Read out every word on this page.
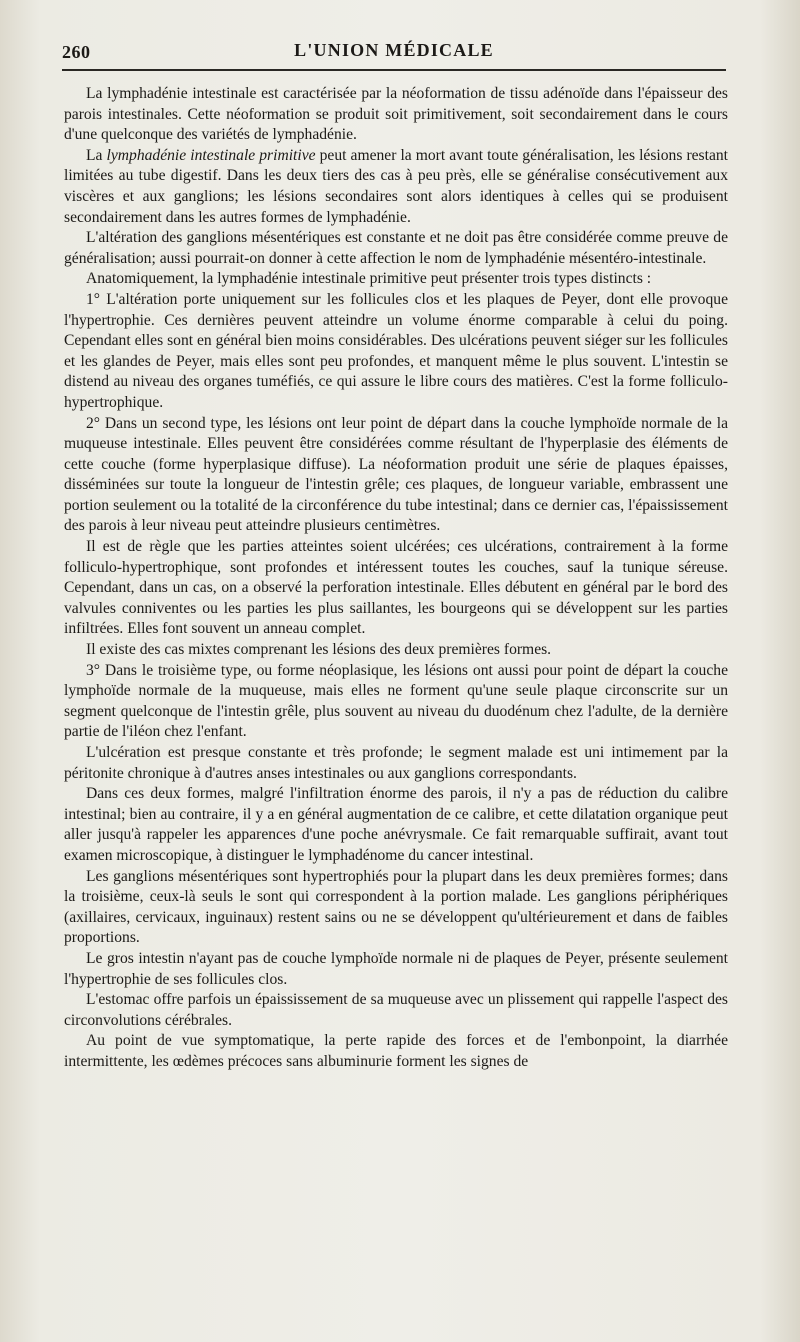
260	L'UNION MÉDICALE

La lymphadénie intestinale est caractérisée par la néoformation de tissu adénoïde dans l'épaisseur des parois intestinales. Cette néoformation se produit soit primitivement, soit secondairement dans le cours d'une quelconque des variétés de lymphadénie.

La lymphadénie intestinale primitive peut amener la mort avant toute généralisation, les lésions restant limitées au tube digestif. Dans les deux tiers des cas à peu près, elle se généralise consécutivement aux viscères et aux ganglions; les lésions secondaires sont alors identiques à celles qui se produisent secondairement dans les autres formes de lymphadénie.

L'altération des ganglions mésentériques est constante et ne doit pas être considérée comme preuve de généralisation; aussi pourrait-on donner à cette affection le nom de lymphadénie mésentéro-intestinale.

Anatomiquement, la lymphadénie intestinale primitive peut présenter trois types distincts :

1° L'altération porte uniquement sur les follicules clos et les plaques de Peyer, dont elle provoque l'hypertrophie. Ces dernières peuvent atteindre un volume énorme comparable à celui du poing. Cependant elles sont en général bien moins considérables. Des ulcérations peuvent siéger sur les follicules et les glandes de Peyer, mais elles sont peu profondes, et manquent même le plus souvent. L'intestin se distend au niveau des organes tuméfiés, ce qui assure le libre cours des matières. C'est la forme folliculo-hypertrophique.

2° Dans un second type, les lésions ont leur point de départ dans la couche lymphoïde normale de la muqueuse intestinale. Elles peuvent être considérées comme résultant de l'hyperplasie des éléments de cette couche (forme hyperplasique diffuse). La néoformation produit une série de plaques épaisses, disséminées sur toute la longueur de l'intestin grêle; ces plaques, de longueur variable, embrassent une portion seulement ou la totalité de la circonférence du tube intestinal; dans ce dernier cas, l'épaississement des parois à leur niveau peut atteindre plusieurs centimètres.

Il est de règle que les parties atteintes soient ulcérées; ces ulcérations, contrairement à la forme folliculo-hypertrophique, sont profondes et intéressent toutes les couches, sauf la tunique séreuse. Cependant, dans un cas, on a observé la perforation intestinale. Elles débutent en général par le bord des valvules conniventes ou les parties les plus saillantes, les bourgeons qui se développent sur les parties infiltrées. Elles font souvent un anneau complet.

Il existe des cas mixtes comprenant les lésions des deux premières formes.

3° Dans le troisième type, ou forme néoplasique, les lésions ont aussi pour point de départ la couche lymphoïde normale de la muqueuse, mais elles ne forment qu'une seule plaque circonscrite sur un segment quelconque de l'intestin grêle, plus souvent au niveau du duodénum chez l'adulte, de la dernière partie de l'iléon chez l'enfant.

L'ulcération est presque constante et très profonde; le segment malade est uni intimement par la péritonite chronique à d'autres anses intestinales ou aux ganglions correspondants.

Dans ces deux formes, malgré l'infiltration énorme des parois, il n'y a pas de réduction du calibre intestinal; bien au contraire, il y a en général augmentation de ce calibre, et cette dilatation organique peut aller jusqu'à rappeler les apparences d'une poche anévrysmale. Ce fait remarquable suffirait, avant tout examen microscopique, à distinguer le lymphadénome du cancer intestinal.

Les ganglions mésentériques sont hypertrophiés pour la plupart dans les deux premières formes; dans la troisième, ceux-là seuls le sont qui correspondent à la portion malade. Les ganglions périphériques (axillaires, cervicaux, inguinaux) restent sains ou ne se développent qu'ultérieurement et dans de faibles proportions.

Le gros intestin n'ayant pas de couche lymphoïde normale ni de plaques de Peyer, présente seulement l'hypertrophie de ses follicules clos.

L'estomac offre parfois un épaississement de sa muqueuse avec un plissement qui rappelle l'aspect des circonvolutions cérébrales.

Au point de vue symptomatique, la perte rapide des forces et de l'embonpoint, la diarrhée intermittente, les œdèmes précoces sans albuminurie forment les signes de
